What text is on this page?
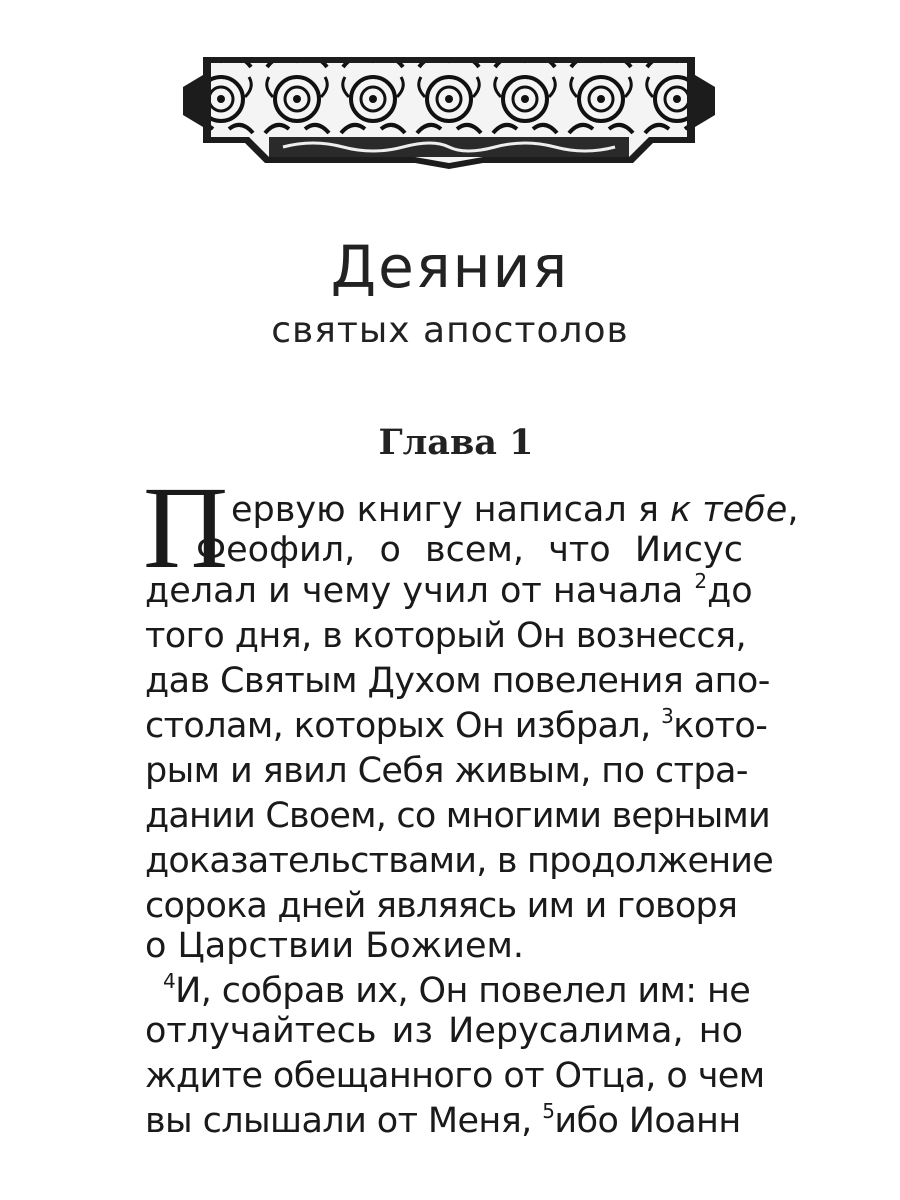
Деяния
святых апостолов
Глава 1
П ервую книгу написал я к тебе,
Феофил, о всем, что Иисус
делал и чему учил от начала $^2$до
того дня, в который Он вознесся,
дав Святым Духом повеления апо-
столам, которых Он избрал, $^3$кото-
рым и явил Себя живым, по стра-
дании Своем, со многими верными
доказательствами, в продолжение
сорока дней являясь им и говоря
о Царствии Божием.
$^4$И, собрав их, Он повелел им: не
отлучайтесь из Иерусалима, но
ждите обещанного от Отца, о чем
вы слышали от Меня, $^5$ибо Иоанн
